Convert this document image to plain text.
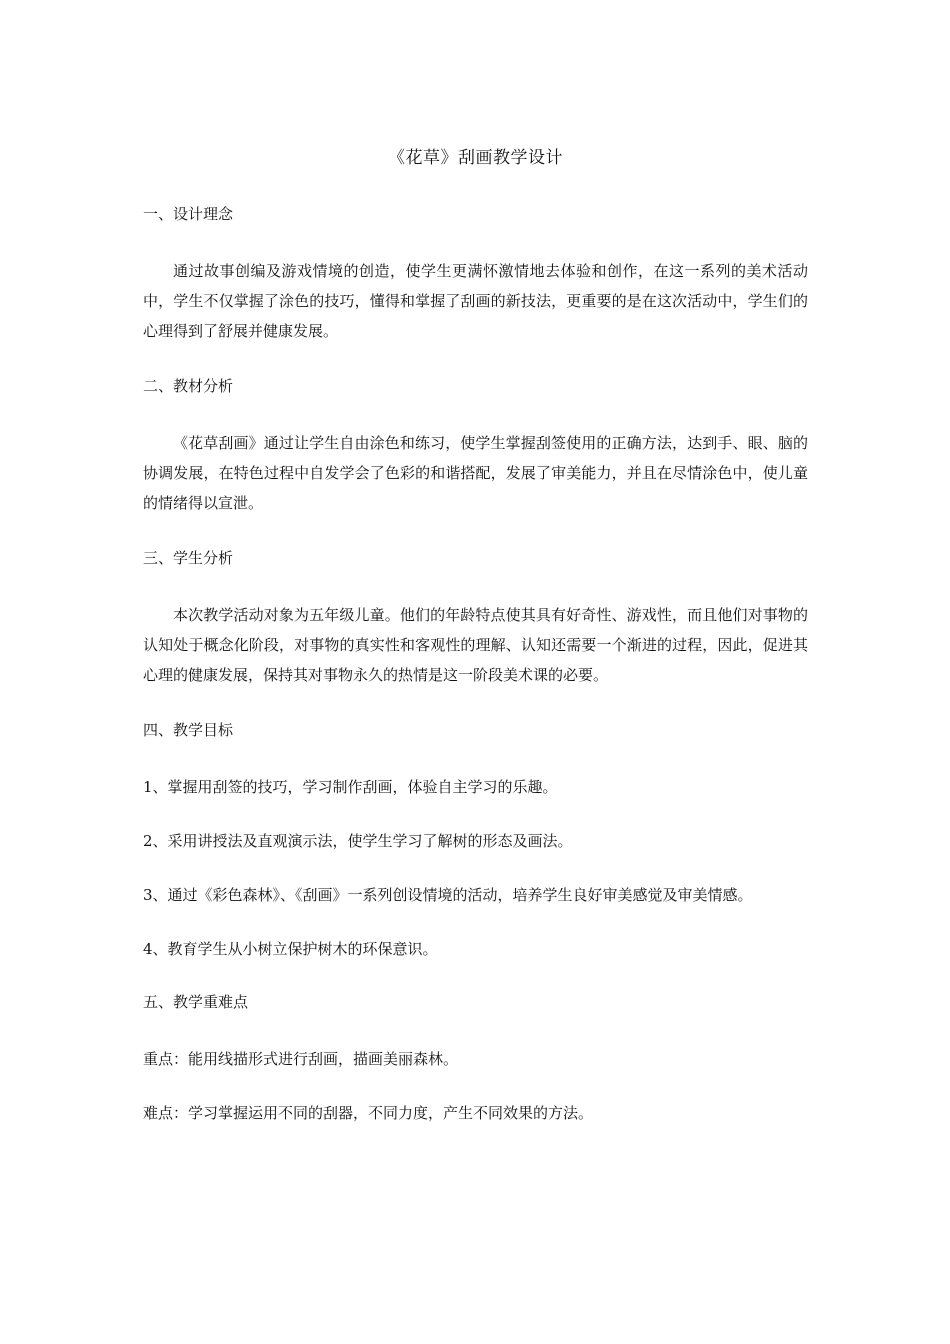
《花草》刮画教学设计
一、设计理念

通过故事创编及游戏情境的创造，使学生更满怀激情地去体验和创作，在这一系列的美术活动中，学生不仅掌握了涂色的技巧，懂得和掌握了刮画的新技法，更重要的是在这次活动中，学生们的心理得到了舒展并健康发展。

二、教材分析

《花草刮画》通过让学生自由涂色和练习，使学生掌握刮签使用的正确方法，达到手、眼、脑的协调发展，在特色过程中自发学会了色彩的和谐搭配，发展了审美能力，并且在尽情涂色中，使儿童的情绪得以宣泄。

三、学生分析

本次教学活动对象为五年级儿童。他们的年龄特点使其具有好奇性、游戏性，而且他们对事物的认知处于概念化阶段，对事物的真实性和客观性的理解、认知还需要一个渐进的过程，因此，促进其心理的健康发展，保持其对事物永久的热情是这一阶段美术课的必要。

四、教学目标

1、掌握用刮签的技巧，学习制作刮画，体验自主学习的乐趣。

2、采用讲授法及直观演示法，使学生学习了解树的形态及画法。

3、通过《彩色森林》、《刮画》一系列创设情境的活动，培养学生良好审美感觉及审美情感。

4、教育学生从小树立保护树木的环保意识。

五、教学重难点

重点：能用线描形式进行刮画，描画美丽森林。

难点：学习掌握运用不同的刮器，不同力度，产生不同效果的方法。
